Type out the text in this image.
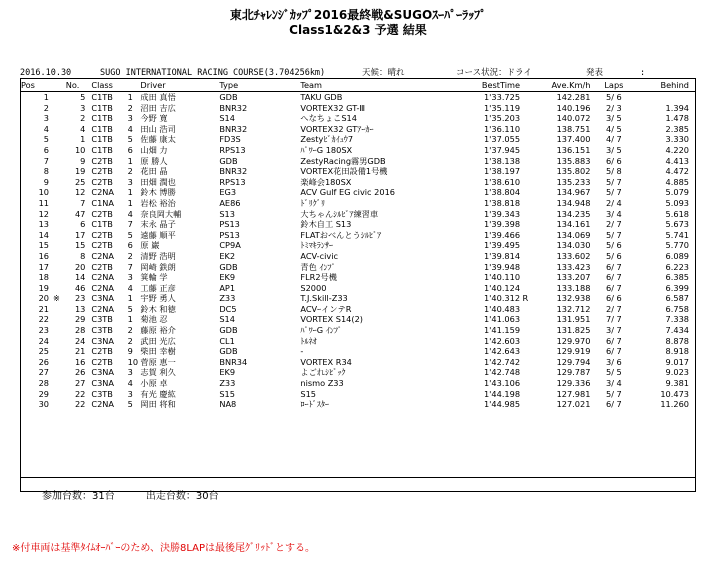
東北ﾁｬﾚﾝｼﾞｶｯﾌﾟ2016最終戦&SUGOｽｰﾊﾟｰﾗｯﾌﾟ
Class1&2&3 予選 結果

2016.10.30

	SUGO INTERNATIONAL RACING COURSE(3.704256km)

	天候：晴れ

	コース状況：ドライ

	発表

	:

Pos		No.	Class		Driver	Type	Team	BestTime		Ave.Km/h	Laps	Behind
1		5	C1TB	1	成田 真悟	GDB	TAKU GDB	1'33.725		142.281	5/ 6	
2		3	C1TB	2	沼田 吉広	BNR32	VORTEX32 GT-Ⅲ	1'35.119		140.196	2/ 3	1.394
3		2	C1TB	3	今野 寛	S14	へなちょこS14	1'35.203		140.072	3/ 5	1.478
4		4	C1TB	4	田山 浩司	BNR32	VORTEX32 GTｱｰｶｰ	1'36.110		138.751	4/ 5	2.385
5		1	C1TB	5	佐藤 康太	FD3S	Zestyﾋﾞｶｲｭｳ7	1'37.055		137.400	4/ 7	3.330
6		10	C1TB	6	山畑 力	RPS13	ﾊﾟﾜｰG 180SX	1'37.945		136.151	3/ 5	4.220
7		9	C2TB	1	原 勝人	GDB	ZestyRacing霧男GDB	1'38.138		135.883	6/ 6	4.413
8		19	C2TB	2	花田 晶	BNR32	VORTEX花田設備1号機	1'38.197		135.802	5/ 8	4.472
9		25	C2TB	3	田畑 潤也	RPS13	楽峰会180SX	1'38.610		135.233	5/ 7	4.885
10		12	C2NA	1	鈴木 博勝	EG3	ACV Gulf EG civic 2016	1'38.804		134.967	5/ 7	5.079
11		7	C1NA	1	岩松 裕治	AE86	ﾄﾞﾘｸﾞﾘ	1'38.818		134.948	2/ 4	5.093
12		47	C2TB	4	奈良岡大輔	S13	大ちゃんｼﾙﾋﾞｱ練習車	1'39.343		134.235	3/ 4	5.618
13		6	C1TB	7	末永 晶子	PS13	鈴木自工 S13	1'39.398		134.161	2/ 7	5.673
14		17	C2TB	5	遠藤 順平	PS13	FLATおべんとうｼﾙﾋﾞｱ	1'39.466		134.069	5/ 7	5.741
15		15	C2TB	6	原 巌	CP9A	ﾄﾐﾏｷﾗﾝｻｰ	1'39.495		134.030	5/ 6	5.770
16		8	C2NA	2	清野 浩明	EK2	ACV-civic	1'39.814		133.602	5/ 6	6.089
17		20	C2TB	7	岡崎 鉄朗	GDB	青色 ｲﾝﾌﾟ	1'39.948		133.423	6/ 7	6.223
18		14	C2NA	3	箕輪 学	EK9	FLR2号機	1'40.110		133.207	6/ 7	6.385
19		46	C2NA	4	工藤 正彦	AP1	S2000	1'40.124		133.188	6/ 7	6.399
20	※	23	C3NA	1	宇野 勇人	Z33	T.J.Skill-Z33	1'40.312	R	132.938	6/ 6	6.587
21		13	C2NA	5	鈴木 和徳	DC5	ACVｰインテR	1'40.483		132.712	2/ 7	6.758
22		29	C3TB	1	菊池 忍	S14	VORTEX S14(2)	1'41.063		131.951	7/ 7	7.338
23		28	C3TB	2	藤原 裕介	GDB	ﾊﾟﾜｰG ｲﾝﾌﾟ	1'41.159		131.825	3/ 7	7.434
24		24	C3NA	2	武田 光広	CL1	ﾄﾙﾈｵ	1'42.603		129.970	6/ 7	8.878
25		21	C2TB	9	柴田 幸樹	GDB	-	1'42.643		129.919	6/ 7	8.918
26		16	C2TB	10	菅原 恵一	BNR34	VORTEX R34	1'42.742		129.794	3/ 6	9.017
27		26	C3NA	3	志賀 利久	EK9	よごれｼﾋﾞｯｸ	1'42.748		129.787	5/ 5	9.023
28		27	C3NA	4	小原 卓	Z33	nismo Z33	1'43.106		129.336	3/ 4	9.381
29		22	C3TB	3	有光 慶紘	S15	S15	1'44.198		127.981	5/ 7	10.473
30		22	C2NA	5	岡田 将和	NA8	ﾛｰﾄﾞｽﾀｰ	1'44.985		127.021	6/ 7	11.260
参加台数：31台	出走台数：30台
※付車両は基準ﾀｲﾑｵｰﾊﾞｰのため、決勝8LAPは最後尾ｸﾞﾘｯﾄﾞとする。
